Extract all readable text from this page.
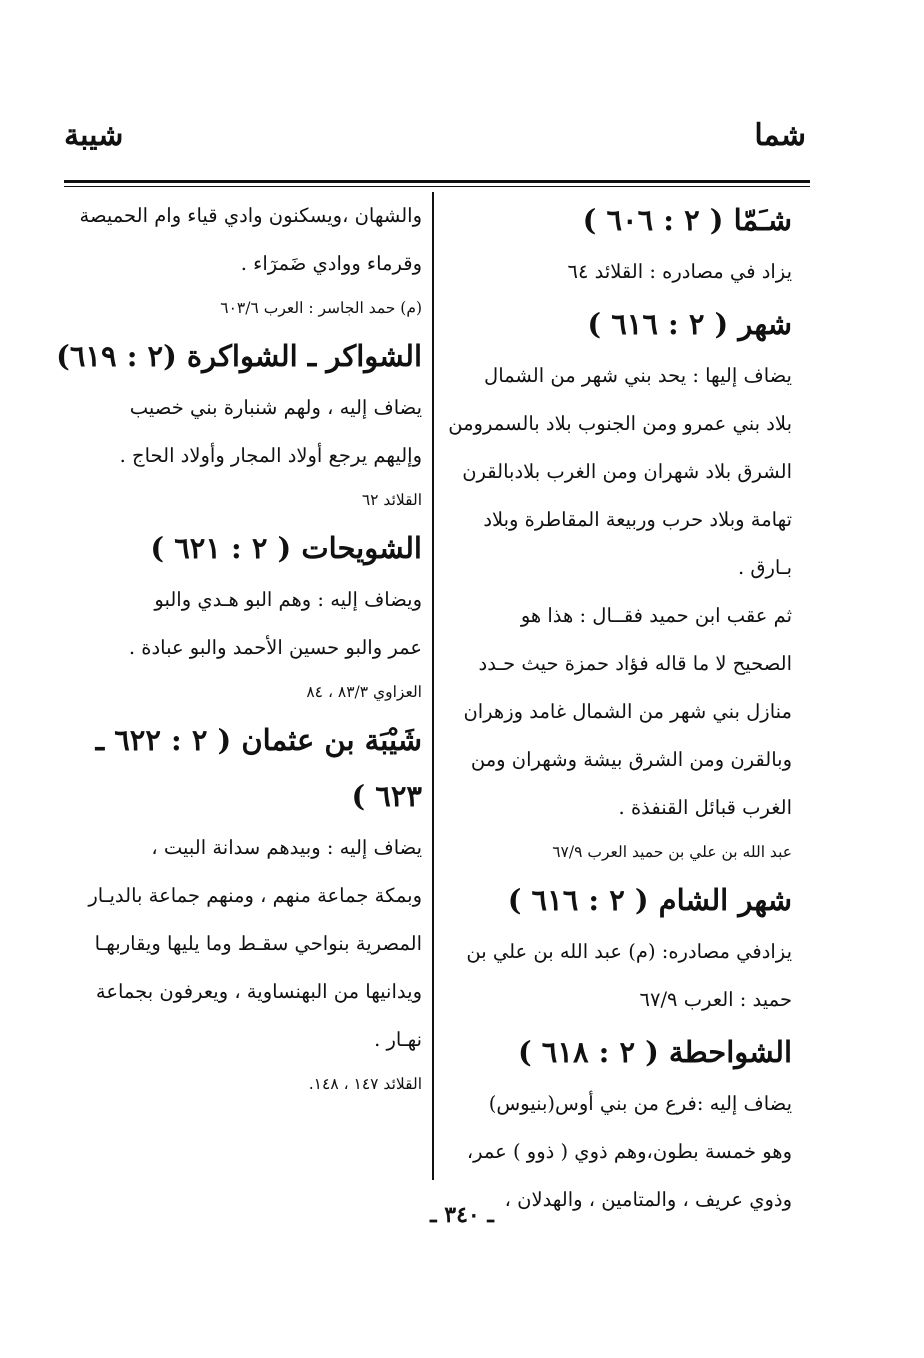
شما
شيبة

شـَمّا ( ٢ : ٦٠٦ )

يزاد في مصادره : القلائد ٦٤

شهر ( ٢ : ٦١٦ )

يضاف إليها : يحد بني شهر من الشمال

بلاد بني عمرو ومن الجنوب بلاد بالسمرومن

الشرق بلاد شهران ومن الغرب بلادبالقرن

تهامة وبلاد حرب وربيعة المقاطرة وبلاد

بـارق .

ثم عقب ابن حميد فقــال : هذا هو

الصحيح لا ما قاله فؤاد حمزة حيث حـدد

منازل بني شهر من الشمال غامد وزهران

وبالقرن ومن الشرق بيشة وشهران ومن

الغرب قبائل القنفذة .

عبد الله بن علي بن حميد العرب ٦٧/٩

شهر الشام ( ٢ : ٦١٦ )

يزادفي مصادره: (م) عبد الله بن علي بن

حميد : العرب ٦٧/٩

الشواحطة ( ٢ : ٦١٨ )

يضاف إليه :فرع من بني أوس(بنيوس)

وهو خمسة بطون،وهم ذوي ( ذوو ) عمر،

وذوي عريف ، والمتامين ، والهدلان ،

والشهان ،ويسكنون وادي قياء وام الحميصة

وقرماء ووادي ضَمرٓاء .

(م) حمد الجاسر : العرب ٦٠٣/٦

الشواكر ـ الشواكرة (٢ : ٦١٩)

يضاف إليه ، ولهم شنبارة بني خصيب

وإليهم يرجع أولاد المجار وأولاد الحاج .

القلائد ٦٢

الشويحات ( ٢ : ٦٢١ )

ويضاف إليه : وهم البو هـدي والبو

عمر والبو حسين الأحمد والبو عبادة .

العزاوي ٨٣/٣ ، ٨٤

شَيْبَة بن عثمان ( ٢ : ٦٢٢ ـ

٦٢٣ )

يضاف إليه : وبيدهم سدانة البيت ،

وبمكة جماعة منهم ، ومنهم جماعة بالديـار

المصرية بنواحي سقـط وما يليها ويقاربهـا

ويدانيها من البهنساوية ، ويعرفون بجماعة

نهـار .

القلائد ١٤٧ ، ١٤٨.

ـ ٣٤٠ ـ
